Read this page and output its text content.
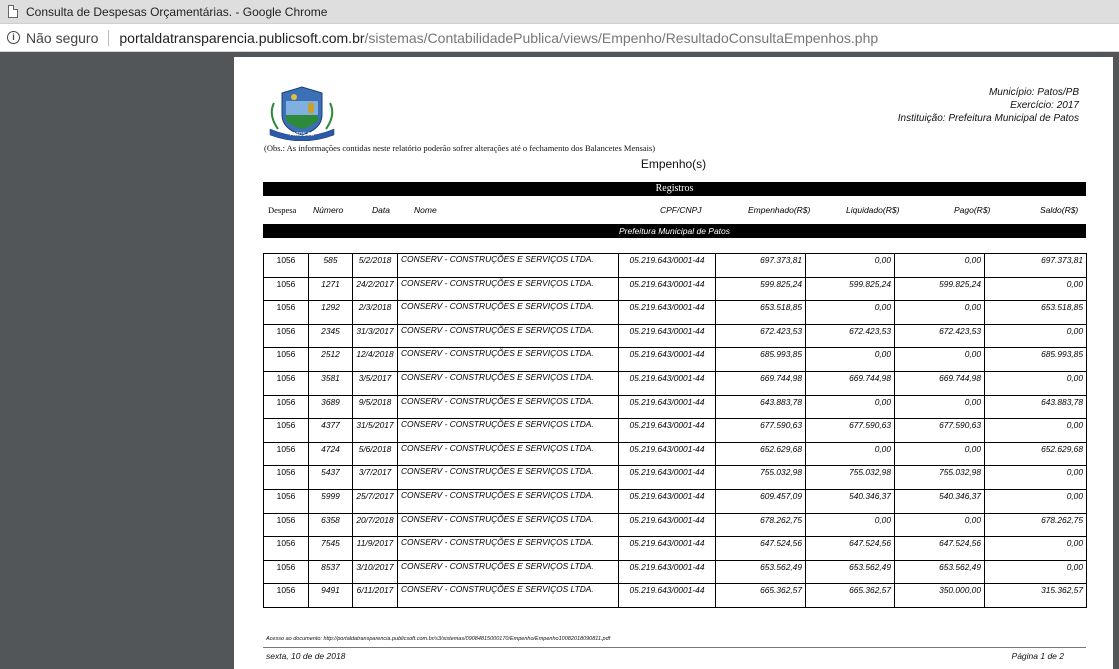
Consulta de Despesas Orçamentárias. - Google Chrome
i Não seguro portaldatransparencia.publicsoft.com.br /sistemas/ContabilidadePublica/views/Empenho/ResultadoConsultaEmpenhos.php
PATOS-PB
Município: Patos/PB
Exercício: 2017
Instituição: Prefeitura Municipal de Patos
(Obs.: As informações contidas neste relatório poderão sofrer alterações até o fechamento dos Balancetes Mensais)
Empenho(s)
Registros
Despesa Número	Data	Nome	CPF/CNPJ	Empenhado(R$)	Liquidado(R$)	Pago(R$)	Saldo(R$)
Prefeitura Municipal de Patos
1056	585	5/2/2018	CONSERV - CONSTRUÇÕES E SERVIÇOS LTDA.	05.219.643/0001-44	697.373,81	0,00	0,00	697.373,81
1056	1271	24/2/2017	CONSERV - CONSTRUÇÕES E SERVIÇOS LTDA.	05.219.643/0001-44	599.825,24	599.825,24	599.825,24	0,00
1056	1292	2/3/2018	CONSERV - CONSTRUÇÕES E SERVIÇOS LTDA.	05.219.643/0001-44	653.518,85	0,00	0,00	653.518,85
1056	2345	31/3/2017	CONSERV - CONSTRUÇÕES E SERVIÇOS LTDA.	05.219.643/0001-44	672.423,53	672.423,53	672.423,53	0,00
1056	2512	12/4/2018	CONSERV - CONSTRUÇÕES E SERVIÇOS LTDA.	05.219.643/0001-44	685.993,85	0,00	0,00	685.993,85
1056	3581	3/5/2017	CONSERV - CONSTRUÇÕES E SERVIÇOS LTDA.	05.219.643/0001-44	669.744,98	669.744,98	669.744,98	0,00
1056	3689	9/5/2018	CONSERV - CONSTRUÇÕES E SERVIÇOS LTDA.	05.219.643/0001-44	643.883,78	0,00	0,00	643.883,78
1056	4377	31/5/2017	CONSERV - CONSTRUÇÕES E SERVIÇOS LTDA.	05.219.643/0001-44	677.590,63	677.590,63	677.590,63	0,00
1056	4724	5/6/2018	CONSERV - CONSTRUÇÕES E SERVIÇOS LTDA.	05.219.643/0001-44	652.629,68	0,00	0,00	652.629,68
1056	5437	3/7/2017	CONSERV - CONSTRUÇÕES E SERVIÇOS LTDA.	05.219.643/0001-44	755.032,98	755.032,98	755.032,98	0,00
1056	5999	25/7/2017	CONSERV - CONSTRUÇÕES E SERVIÇOS LTDA.	05.219.643/0001-44	609.457,09	540.346,37	540.346,37	0,00
1056	6358	20/7/2018	CONSERV - CONSTRUÇÕES E SERVIÇOS LTDA.	05.219.643/0001-44	678.262,75	0,00	0,00	678.262,75
1056	7545	11/9/2017	CONSERV - CONSTRUÇÕES E SERVIÇOS LTDA.	05.219.643/0001-44	647.524,56	647.524,56	647.524,56	0,00
1056	8537	3/10/2017	CONSERV - CONSTRUÇÕES E SERVIÇOS LTDA.	05.219.643/0001-44	653.562,49	653.562,49	653.562,49	0,00
1056	9491	6/11/2017	CONSERV - CONSTRUÇÕES E SERVIÇOS LTDA.	05.219.643/0001-44	665.362,57	665.362,57	350.000,00	315.362,57
Acesso ao documento: http://portaldatransparencia.publicsoft.com.br/s3/sistemas/09084815000170/Empenho/Empenho10082018090811.pdf
sexta, 10 de de 2018	Página 1 de 2
